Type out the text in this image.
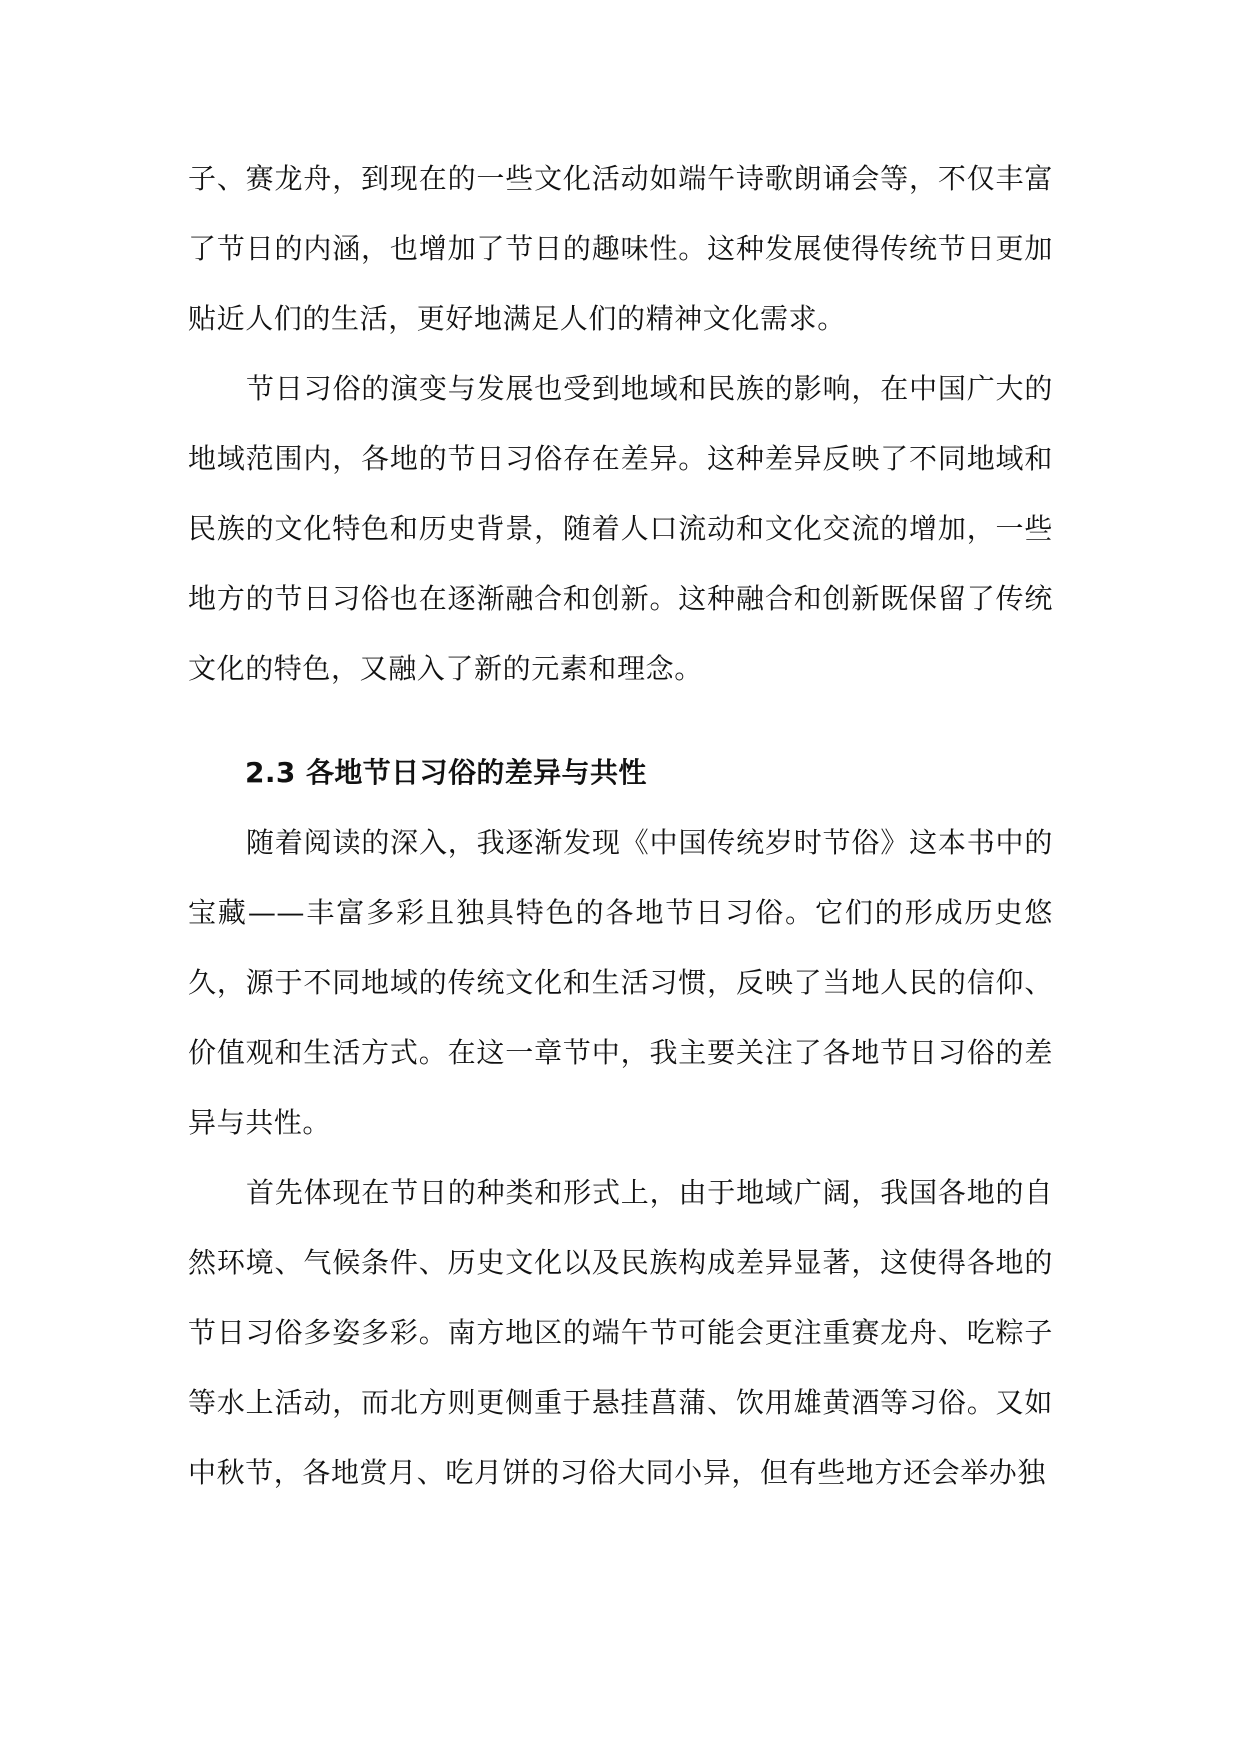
子、赛龙舟，到现在的一些文化活动如端午诗歌朗诵会等，不仅丰富了节日的内涵，也增加了节日的趣味性。这种发展使得传统节日更加贴近人们的生活，更好地满足人们的精神文化需求。

节日习俗的演变与发展也受到地域和民族的影响，在中国广大的地域范围内，各地的节日习俗存在差异。这种差异反映了不同地域和民族的文化特色和历史背景，随着人口流动和文化交流的增加，一些地方的节日习俗也在逐渐融合和创新。这种融合和创新既保留了传统文化的特色，又融入了新的元素和理念。

2.3 各地节日习俗的差异与共性

随着阅读的深入，我逐渐发现《中国传统岁时节俗》这本书中的宝藏——丰富多彩且独具特色的各地节日习俗。它们的形成历史悠久，源于不同地域的传统文化和生活习惯，反映了当地人民的信仰、价值观和生活方式。在这一章节中，我主要关注了各地节日习俗的差异与共性。

首先体现在节日的种类和形式上，由于地域广阔，我国各地的自然环境、气候条件、历史文化以及民族构成差异显著，这使得各地的节日习俗多姿多彩。南方地区的端午节可能会更注重赛龙舟、吃粽子等水上活动，而北方则更侧重于悬挂菖蒲、饮用雄黄酒等习俗。又如中秋节，各地赏月、吃月饼的习俗大同小异，但有些地方还会举办独
